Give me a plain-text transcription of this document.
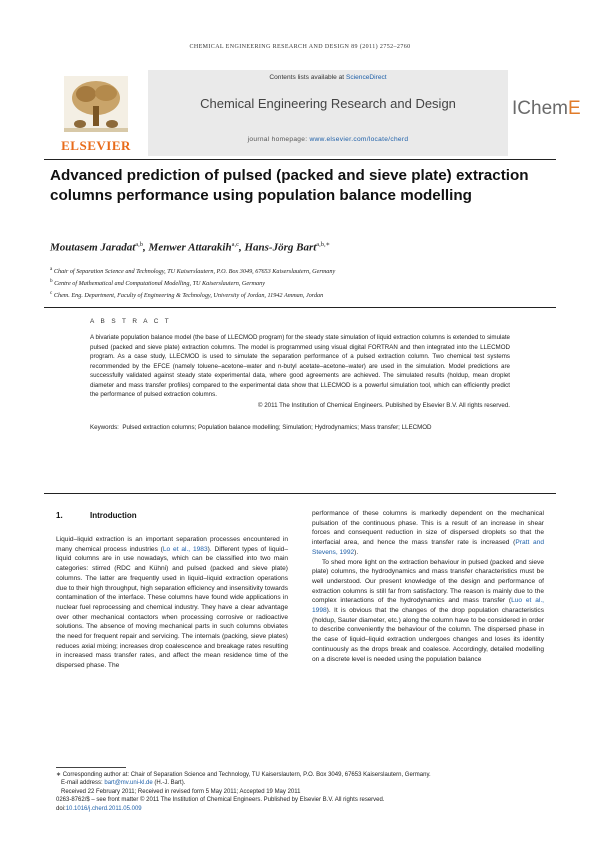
CHEMICAL ENGINEERING RESEARCH AND DESIGN 89 (2011) 2752–2760
ELSEVIER
Contents lists available at ScienceDirect
Chemical Engineering Research and Design
journal homepage: www.elsevier.com/locate/cherd
IChemE
Advanced prediction of pulsed (packed and sieve plate) extraction columns performance using population balance modelling
Moutasem Jaradat$^{a,b}$, Menwer Attarakih$^{a,c}$, Hans-Jörg Bart$^{a,b,∗}$
$^a$ Chair of Separation Science and Technology, TU Kaiserslautern, P.O. Box 3049, 67653 Kaiserslautern, Germany
$^b$ Centre of Mathematical and Computational Modelling, TU Kaiserslautern, Germany
$^c$ Chem. Eng. Department, Faculty of Engineering & Technology, University of Jordan, 11942 Amman, Jordan
A B S T R A C T
A bivariate population balance model (the base of LLECMOD program) for the steady state simulation of liquid extraction columns is extended to simulate pulsed (packed and sieve plate) extraction columns. The model is programmed using visual digital FORTRAN and then integrated into the LLECMOD program. As a case study, LLECMOD is used to simulate the separation performance of a pulsed extraction column. Two chemical test systems recommended by the EFCE (namely toluene–acetone–water and n-butyl acetate–acetone–water) are used in the simulation. Model predictions are successfully validated against steady state experimental data, where good agreements are achieved. The simulated results (holdup, mean droplet diameter and mass transfer profiles) compared to the experimental data show that LLECMOD is a powerful simulation tool, which can efficiently predict the performance of pulsed extraction columns.
© 2011 The Institution of Chemical Engineers. Published by Elsevier B.V. All rights reserved.
Keywords: Pulsed extraction columns; Population balance modelling; Simulation; Hydrodynamics; Mass transfer; LLECMOD
1.	Introduction

Liquid–liquid extraction is an important separation processes encountered in many chemical process industries (Lo et al., 1983). Different types of liquid–liquid columns are in use nowadays, which can be classified into two main categories: stirred (RDC and Kühni) and pulsed (packed and sieve plate) columns. The latter are frequently used in liquid–liquid extraction operations due to their high throughput, high separation efficiency and insensitivity towards contamination of the interface. These columns have found wide applications in nuclear fuel reprocessing and chemical industry. They have a clear advantage over other mechanical contactors when processing corrosive or radioactive solutions. The absence of moving mechanical parts in such columns obviates the need for frequent repair and servicing. The internals (packing, sieve plates) reduces axial mixing; increases drop coalescence and breakage rates resulting in increased mass transfer rates, and affect the mean residence time of the dispersed phase. The

performance of these columns is markedly dependent on the mechanical pulsation of the continuous phase. This is a result of an increase in shear forces and consequent reduction in size of dispersed droplets so that the interfacial area, and hence the mass transfer rate is increased (Pratt and Stevens, 1992).

To shed more light on the extraction behaviour in pulsed (packed and sieve plate) columns, the hydrodynamics and mass transfer characteristics must be well understood. Our present knowledge of the design and performance of extraction columns is still far from satisfactory. The reason is mainly due to the complex interactions of the hydrodynamics and mass transfer (Luo et al., 1998). It is obvious that the changes of the drop population characteristics (holdup, Sauter diameter, etc.) along the column have to be considered in order to describe conveniently the behaviour of the column. The dispersed phase in the case of liquid–liquid extraction undergoes changes and loses its identity continuously as the drops break and coalesce. Accordingly, detailed modelling on a discrete level is needed using the population balance

∗ Corresponding author at: Chair of Separation Science and Technology, TU Kaiserslautern, P.O. Box 3049, 67653 Kaiserslautern, Germany.
E-mail address: bart@mv.uni-kl.de (H.-J. Bart).
Received 22 February 2011; Received in revised form 5 May 2011; Accepted 19 May 2011
0263-8762/$ – see front matter © 2011 The Institution of Chemical Engineers. Published by Elsevier B.V. All rights reserved.
doi:10.1016/j.cherd.2011.05.009
